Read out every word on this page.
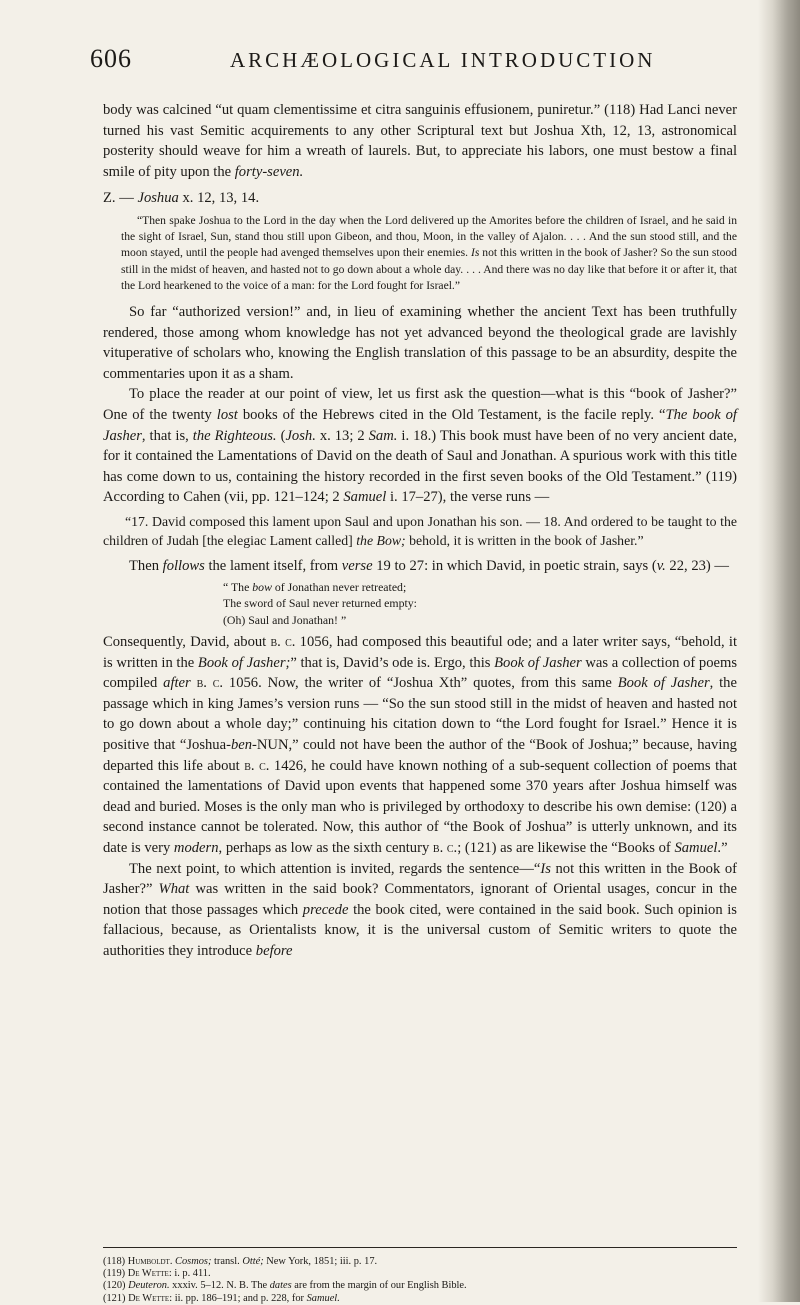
606	ARCHÆOLOGICAL INTRODUCTION

body was calcined “ut quam clementissime et citra sanguinis effusionem, puniretur.” (118) Had Lanci never turned his vast Semitic acquirements to any other Scriptural text but Joshua Xth, 12, 13, astronomical posterity should weave for him a wreath of laurels. But, to appreciate his labors, one must bestow a final smile of pity upon the forty-seven.

Z. — Joshua x. 12, 13, 14.

“Then spake Joshua to the Lord in the day when the Lord delivered up the Amorites before the children of Israel, and he said in the sight of Israel, Sun, stand thou still upon Gibeon, and thou, Moon, in the valley of Ajalon. . . . And the sun stood still, and the moon stayed, until the people had avenged themselves upon their enemies. Is not this written in the book of Jasher? So the sun stood still in the midst of heaven, and hasted not to go down about a whole day. . . . And there was no day like that before it or after it, that the Lord hearkened to the voice of a man: for the Lord fought for Israel.”

So far “authorized version!” and, in lieu of examining whether the ancient Text has been truthfully rendered, those among whom knowledge has not yet advanced beyond the theological grade are lavishly vituperative of scholars who, knowing the English translation of this passage to be an absurdity, despite the commentaries upon it as a sham.

To place the reader at our point of view, let us first ask the question—what is this “book of Jasher?” One of the twenty lost books of the Hebrews cited in the Old Testament, is the facile reply. “The book of Jasher, that is, the Righteous. (Josh. x. 13; 2 Sam. i. 18.) This book must have been of no very ancient date, for it contained the Lamentations of David on the death of Saul and Jonathan. A spurious work with this title has come down to us, containing the history recorded in the first seven books of the Old Testament.” (119) According to Cahen (vii, pp. 121–124; 2 Samuel i. 17–27), the verse runs —

“17. David composed this lament upon Saul and upon Jonathan his son. — 18. And ordered to be taught to the children of Judah [the elegiac Lament called] the Bow; behold, it is written in the book of Jasher.”

Then follows the lament itself, from verse 19 to 27: in which David, in poetic strain, says (v. 22, 23) —

“ The bow of Jonathan never retreated;
The sword of Saul never returned empty:
(Oh) Saul and Jonathan! ”

Consequently, David, about b. c. 1056, had composed this beautiful ode; and a later writer says, “behold, it is written in the Book of Jasher;” that is, David’s ode is. Ergo, this Book of Jasher was a collection of poems compiled after b. c. 1056. Now, the writer of “Joshua Xth” quotes, from this same Book of Jasher, the passage which in king James’s version runs — “So the sun stood still in the midst of heaven and hasted not to go down about a whole day;” continuing his citation down to “the Lord fought for Israel.” Hence it is positive that “Joshua-ben-NUN,” could not have been the author of the “Book of Joshua;” because, having departed this life about b. c. 1426, he could have known nothing of a sub-sequent collection of poems that contained the lamentations of David upon events that happened some 370 years after Joshua himself was dead and buried. Moses is the only man who is privileged by orthodoxy to describe his own demise: (120) a second instance cannot be tolerated. Now, this author of “the Book of Joshua” is utterly unknown, and its date is very modern, perhaps as low as the sixth century b. c.; (121) as are likewise the “Books of Samuel.”

The next point, to which attention is invited, regards the sentence—“Is not this written in the Book of Jasher?” What was written in the said book? Commentators, ignorant of Oriental usages, concur in the notion that those passages which precede the book cited, were contained in the said book. Such opinion is fallacious, because, as Orientalists know, it is the universal custom of Semitic writers to quote the authorities they introduce before

(118) Humboldt. Cosmos; transl. Otté; New York, 1851; iii. p. 17.
(119) De Wette: i. p. 411.
(120) Deuteron. xxxiv. 5–12. N. B. The dates are from the margin of our English Bible.
(121) De Wette: ii. pp. 186–191; and p. 228, for Samuel.
